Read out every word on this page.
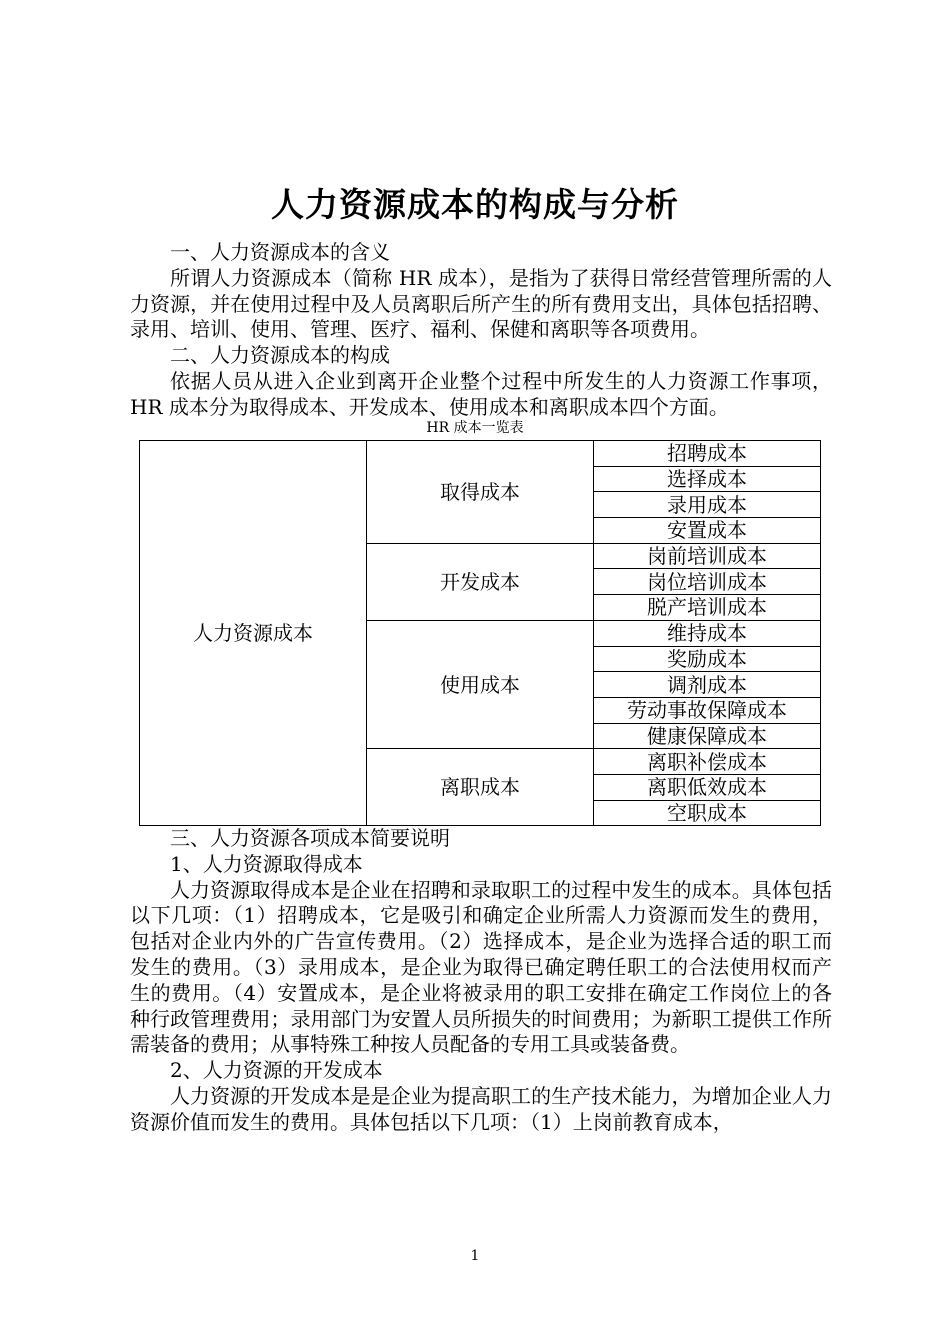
人力资源成本的构成与分析

一、人力资源成本的含义

所谓人力资源成本（简称 HR 成本），是指为了获得日常经营管理所需的人力资源，并在使用过程中及人员离职后所产生的所有费用支出，具体包括招聘、录用、培训、使用、管理、医疗、福利、保健和离职等各项费用。

二、人力资源成本的构成

依据人员从进入企业到离开企业整个过程中所发生的人力资源工作事项，HR 成本分为取得成本、开发成本、使用成本和离职成本四个方面。

HR 成本一览表
人力资源成本	取得成本	招聘成本
		选择成本
		录用成本
		安置成本
	开发成本	岗前培训成本
		岗位培训成本
		脱产培训成本
	使用成本	维持成本
		奖励成本
		调剂成本
		劳动事故保障成本
		健康保障成本
	离职成本	离职补偿成本
		离职低效成本
		空职成本

三、人力资源各项成本简要说明

1、人力资源取得成本

人力资源取得成本是企业在招聘和录取职工的过程中发生的成本。具体包括以下几项：（1）招聘成本，它是吸引和确定企业所需人力资源而发生的费用，包括对企业内外的广告宣传费用。（2）选择成本，是企业为选择合适的职工而发生的费用。（3）录用成本，是企业为取得已确定聘任职工的合法使用权而产生的费用。（4）安置成本，是企业将被录用的职工安排在确定工作岗位上的各种行政管理费用；录用部门为安置人员所损失的时间费用；为新职工提供工作所需装备的费用；从事特殊工种按人员配备的专用工具或装备费。

2、人力资源的开发成本

人力资源的开发成本是是企业为提高职工的生产技术能力，为增加企业人力资源价值而发生的费用。具体包括以下几项：（1）上岗前教育成本，

1
